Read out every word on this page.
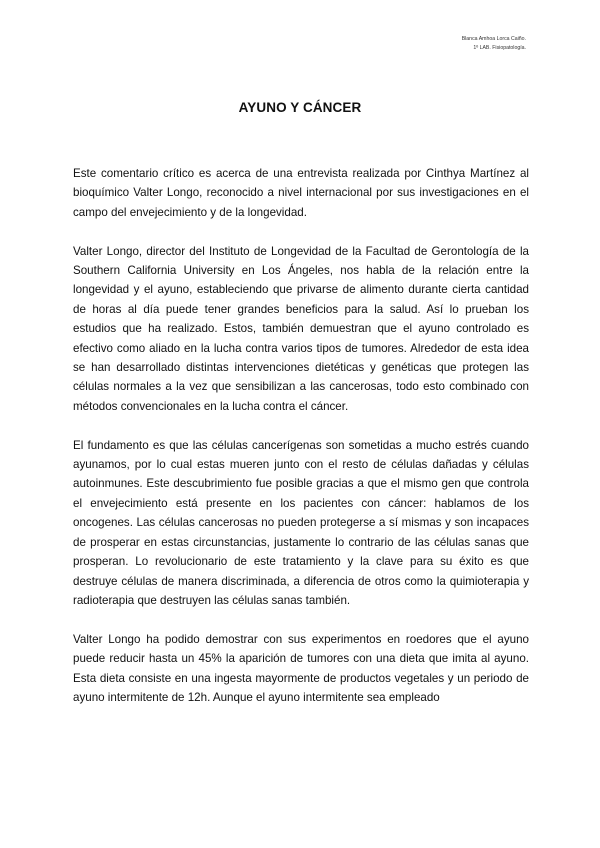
Blanca Amhoa Lorca Caiño.
1º LAB. Fisiopatología.
AYUNO Y CÁNCER

Este comentario crítico es acerca de una entrevista realizada por Cinthya Martínez al bioquímico Valter Longo, reconocido a nivel internacional por sus investigaciones en el campo del envejecimiento y de la longevidad.

Valter Longo, director del Instituto de Longevidad de la Facultad de Gerontología de la Southern California University en Los Ángeles, nos habla de la relación entre la longevidad y el ayuno, estableciendo que privarse de alimento durante cierta cantidad de horas al día puede tener grandes beneficios para la salud. Así lo prueban los estudios que ha realizado. Estos, también demuestran que el ayuno controlado es efectivo como aliado en la lucha contra varios tipos de tumores. Alrededor de esta idea se han desarrollado distintas intervenciones dietéticas y genéticas que protegen las células normales a la vez que sensibilizan a las cancerosas, todo esto combinado con métodos convencionales en la lucha contra el cáncer.

El fundamento es que las células cancerígenas son sometidas a mucho estrés cuando ayunamos, por lo cual estas mueren junto con el resto de células dañadas y células autoinmunes. Este descubrimiento fue posible gracias a que el mismo gen que controla el envejecimiento está presente en los pacientes con cáncer: hablamos de los oncogenes. Las células cancerosas no pueden protegerse a sí mismas y son incapaces de prosperar en estas circunstancias, justamente lo contrario de las células sanas que prosperan. Lo revolucionario de este tratamiento y la clave para su éxito es que destruye células de manera discriminada, a diferencia de otros como la quimioterapia y radioterapia que destruyen las células sanas también.

Valter Longo ha podido demostrar con sus experimentos en roedores que el ayuno puede reducir hasta un 45% la aparición de tumores con una dieta que imita al ayuno. Esta dieta consiste en una ingesta mayormente de productos vegetales y un periodo de ayuno intermitente de 12h. Aunque el ayuno intermitente sea empleado
